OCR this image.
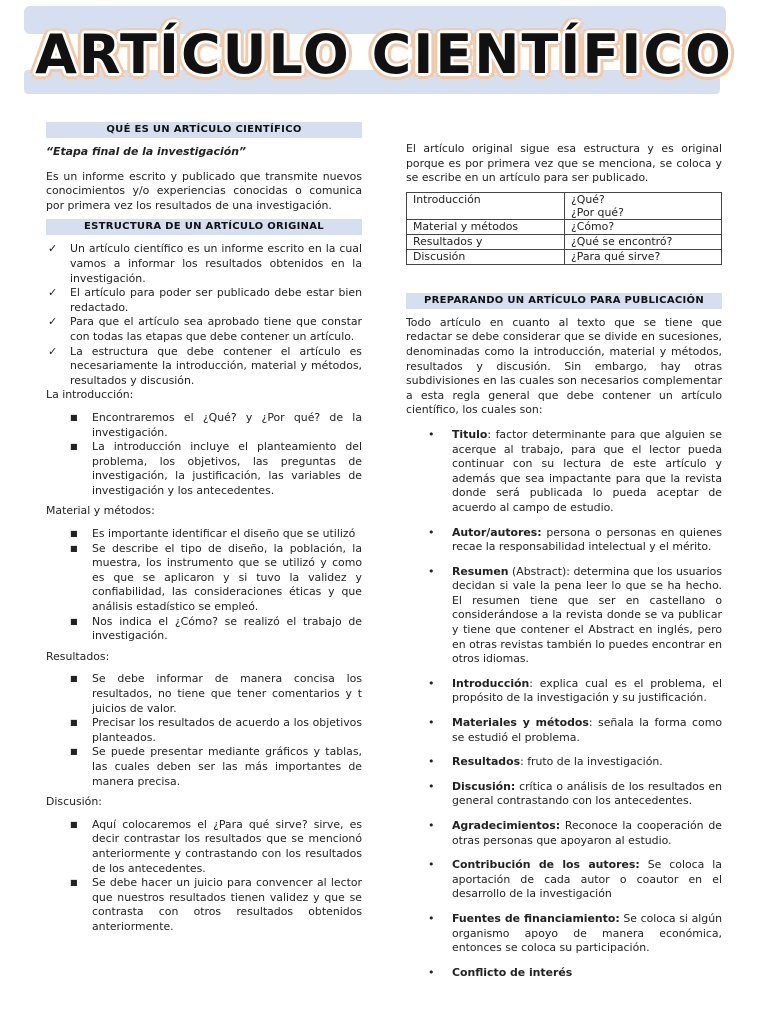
ARTÍCULO CIENTÍFICO
QUÉ ES UN ARTÍCULO CIENTÍFICO
“Etapa final de la investigación”

Es un informe escrito y publicado que transmite nuevos conocimientos y/o experiencias conocidas o comunica por primera vez los resultados de una investigación.

ESTRUCTURA DE UN ARTÍCULO ORIGINAL
✓ Un artículo científico es un informe escrito en la cual vamos a informar los resultados obtenidos en la investigación.
✓ El artículo para poder ser publicado debe estar bien redactado.
✓ Para que el artículo sea aprobado tiene que constar con todas las etapas que debe contener un artículo.
✓ La estructura que debe contener el artículo es necesariamente la introducción, material y métodos, resultados y discusión.
La introducción:
■ Encontraremos el ¿Qué? y ¿Por qué? de la investigación.
■ La introducción incluye el planteamiento del problema, los objetivos, las preguntas de investigación, la justificación, las variables de investigación y los antecedentes.
Material y métodos:
■ Es importante identificar el diseño que se utilizó
■ Se describe el tipo de diseño, la población, la muestra, los instrumento que se utilizó y como es que se aplicaron y si tuvo la validez y confiabilidad, las consideraciones éticas y que análisis estadístico se empleó.
■ Nos indica el ¿Cómo? se realizó el trabajo de investigación.
Resultados:
■ Se debe informar de manera concisa los resultados, no tiene que tener comentarios y t juicios de valor.
■ Precisar los resultados de acuerdo a los objetivos planteados.
■ Se puede presentar mediante gráficos y tablas, las cuales deben ser las más importantes de manera precisa.
Discusión:
■ Aquí colocaremos el ¿Para qué sirve? sirve, es decir contrastar los resultados que se mencionó anteriormente y contrastando con los resultados de los antecedentes.
■ Se debe hacer un juicio para convencer al lector que nuestros resultados tienen validez y que se contrasta con otros resultados obtenidos anteriormente.

El artículo original sigue esa estructura y es original porque es por primera vez que se menciona, se coloca y se escribe en un artículo para ser publicado.

Introducción	¿Qué?
¿Por qué?
Material y métodos	¿Cómo?
Resultados y	¿Qué se encontró?
Discusión	¿Para qué sirve?
PREPARANDO UN ARTÍCULO PARA PUBLICACIÓN

Todo artículo en cuanto al texto que se tiene que redactar se debe considerar que se divide en sucesiones, denominadas como la introducción, material y métodos, resultados y discusión. Sin embargo, hay otras subdivisiones en las cuales son necesarios complementar a esta regla general que debe contener un artículo científico, los cuales son:

• Titulo: factor determinante para que alguien se acerque al trabajo, para que el lector pueda continuar con su lectura de este artículo y además que sea impactante para que la revista donde será publicada lo pueda aceptar de acuerdo al campo de estudio.
• Autor/autores: persona o personas en quienes recae la responsabilidad intelectual y el mérito.
• Resumen (Abstract): determina que los usuarios decidan si vale la pena leer lo que se ha hecho. El resumen tiene que ser en castellano o considerándose a la revista donde se va publicar y tiene que contener el Abstract en inglés, pero en otras revistas también lo puedes encontrar en otros idiomas.
• Introducción: explica cual es el problema, el propósito de la investigación y su justificación.
• Materiales y métodos: señala la forma como se estudió el problema.
• Resultados: fruto de la investigación.
• Discusión: crítica o análisis de los resultados en general contrastando con los antecedentes.
• Agradecimientos: Reconoce la cooperación de otras personas que apoyaron al estudio.
• Contribución de los autores: Se coloca la aportación de cada autor o coautor en el desarrollo de la investigación
• Fuentes de financiamiento: Se coloca si algún organismo apoyo de manera económica, entonces se coloca su participación.
• Conflicto de interés
